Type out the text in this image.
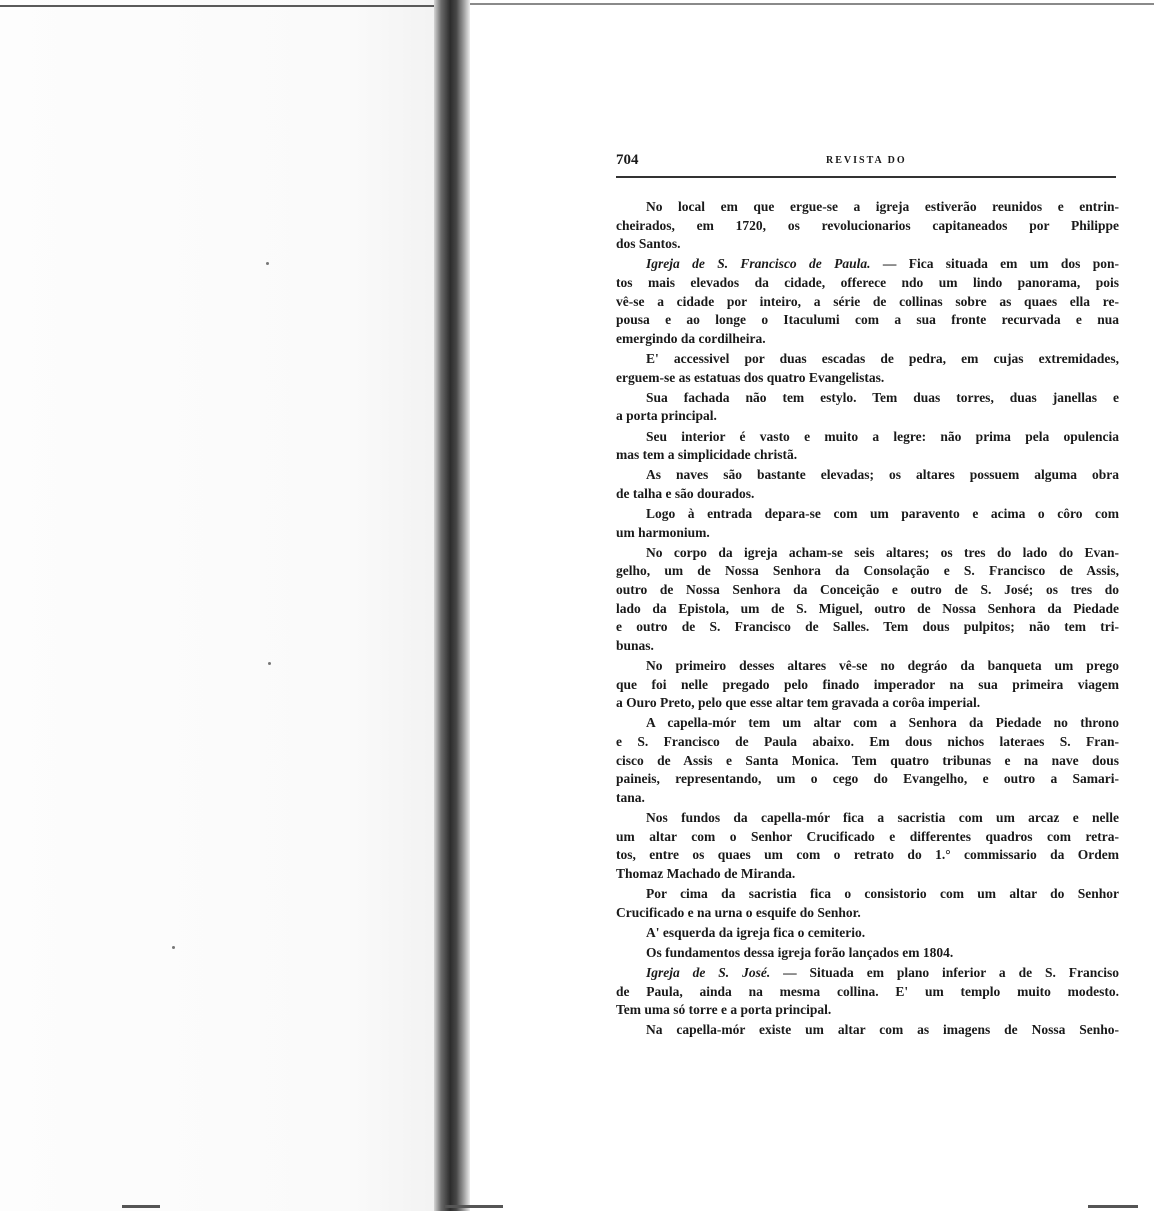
704	REVISTA DO
No local em que ergue-se a igreja estiverão reunidos e entrin-
cheirados, em 1720, os revolucionarios capitaneados por Philippe
dos Santos.
Igreja de S. Francisco de Paula. — Fica situada em um dos pon-
tos mais elevados da cidade, offerece ndo um lindo panorama, pois
vê-se a cidade por inteiro, a série de collinas sobre as quaes ella re-
pousa e ao longe o Itaculumi com a sua fronte recurvada e nua
emergindo da cordilheira.
E' accessivel por duas escadas de pedra, em cujas extremidades,
erguem-se as estatuas dos quatro Evangelistas.
Sua fachada não tem estylo. Tem duas torres, duas janellas e
a porta principal.
Seu interior é vasto e muito a legre: não prima pela opulencia
mas tem a simplicidade christã.
As naves são bastante elevadas; os altares possuem alguma obra
de talha e são dourados.
Logo à entrada depara-se com um paravento e acima o côro com
um harmonium.
No corpo da igreja acham-se seis altares; os tres do lado do Evan-
gelho, um de Nossa Senhora da Consolação e S. Francisco de Assis,
outro de Nossa Senhora da Conceição e outro de S. José; os tres do
lado da Epistola, um de S. Miguel, outro de Nossa Senhora da Piedade
e outro de S. Francisco de Salles. Tem dous pulpitos; não tem tri-
bunas.
No primeiro desses altares vê-se no degráo da banqueta um prego
que foi nelle pregado pelo finado imperador na sua primeira viagem
a Ouro Preto, pelo que esse altar tem gravada a corôa imperial.
A capella-mór tem um altar com a Senhora da Piedade no throno
e S. Francisco de Paula abaixo. Em dous nichos lateraes S. Fran-
cisco de Assis e Santa Monica. Tem quatro tribunas e na nave dous
paineis, representando, um o cego do Evangelho, e outro a Samari-
tana.
Nos fundos da capella-mór fica a sacristia com um arcaz e nelle
um altar com o Senhor Crucificado e differentes quadros com retra-
tos, entre os quaes um com o retrato do 1.° commissario da Ordem
Thomaz Machado de Miranda.
Por cima da sacristia fica o consistorio com um altar do Senhor
Crucificado e na urna o esquife do Senhor.
A' esquerda da igreja fica o cemiterio.
Os fundamentos dessa igreja forão lançados em 1804.
Igreja de S. José. — Situada em plano inferior a de S. Franciso
de Paula, ainda na mesma collina. E' um templo muito modesto.
Tem uma só torre e a porta principal.
Na capella-mór existe um altar com as imagens de Nossa Senho-
